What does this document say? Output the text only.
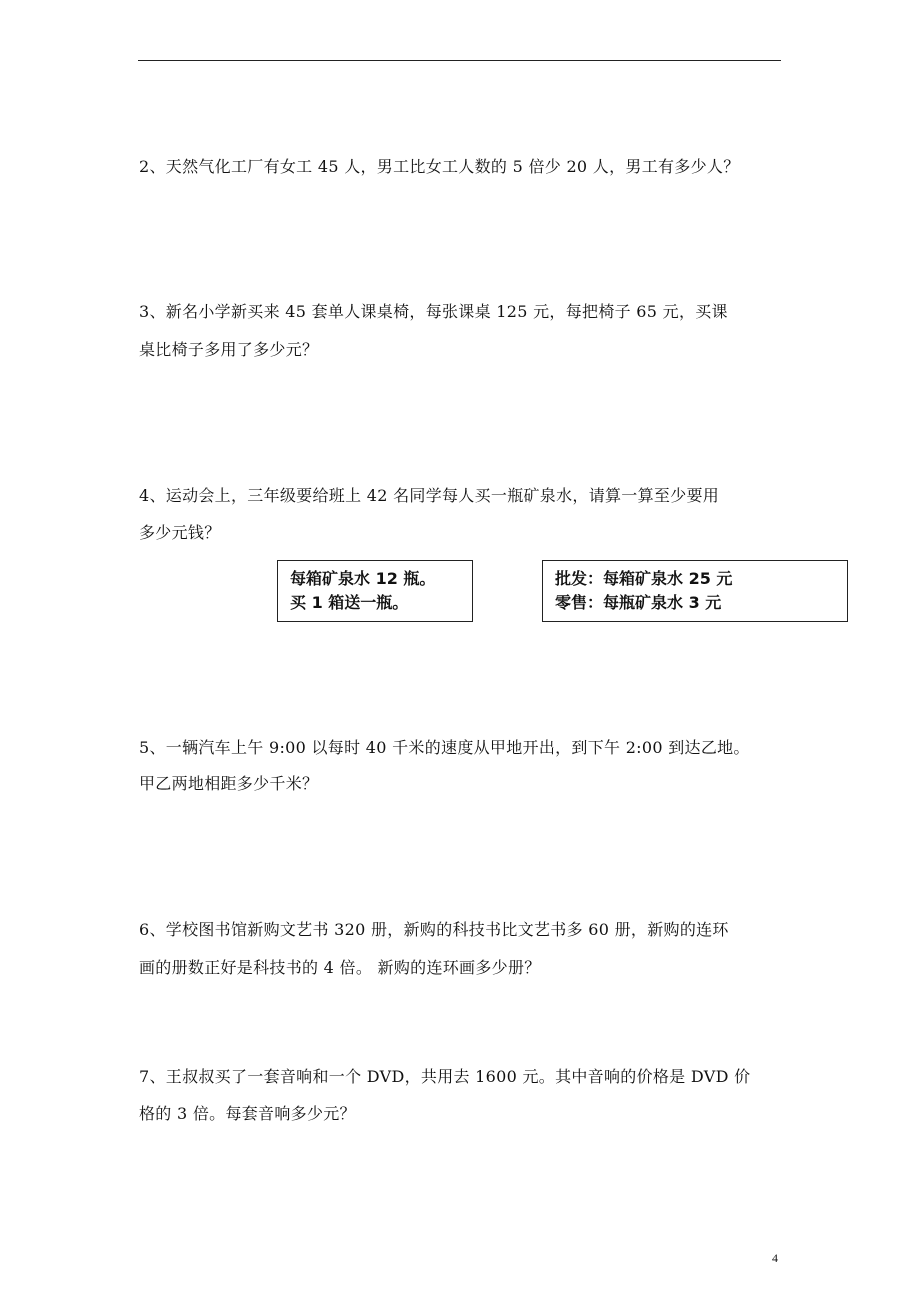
2、天然气化工厂有女工 45 人，男工比女工人数的 5 倍少 20 人，男工有多少人？
3、新名小学新买来 45 套单人课桌椅，每张课桌 125 元，每把椅子 65 元，买课
桌比椅子多用了多少元？
4、运动会上，三年级要给班上 42 名同学每人买一瓶矿泉水，请算一算至少要用
多少元钱？
每箱矿泉水 12 瓶。
买 1 箱送一瓶。
批发：每箱矿泉水 25 元
零售：每瓶矿泉水 3 元
5、一辆汽车上午 9:00 以每时 40 千米的速度从甲地开出，到下午 2:00 到达乙地。
甲乙两地相距多少千米？
6、学校图书馆新购文艺书 320 册，新购的科技书比文艺书多 60 册，新购的连环
画的册数正好是科技书的 4 倍。 新购的连环画多少册？
7、王叔叔买了一套音响和一个 DVD，共用去 1600 元。其中音响的价格是 DVD 价
格的 3 倍。每套音响多少元？
4
